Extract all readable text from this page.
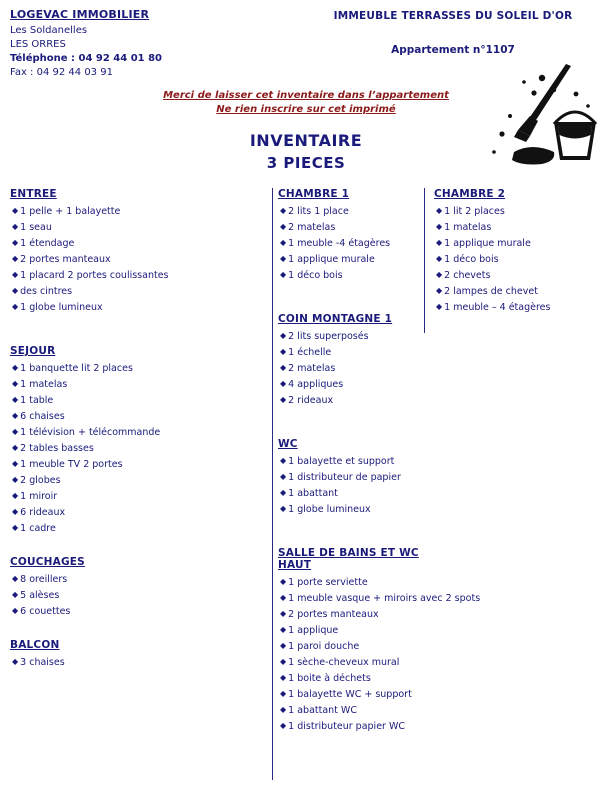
LOGEVAC IMMOBILIER
Les Soldanelles
LES ORRES
Téléphone : 04 92 44 01 80
Fax : 04 92 44 03 91
IMMEUBLE TERRASSES DU SOLEIL D'OR
Appartement n°1107
Merci de laisser cet inventaire dans l’appartement
Ne rien inscrire sur cet imprimé
INVENTAIRE
3 PIECES
ENTREE
◆ 1 pelle + 1 balayette
◆ 1 seau
◆ 1 étendage
◆ 2 portes manteaux
◆ 1 placard 2 portes coulissantes
◆ des cintres
◆ 1 globe lumineux
SEJOUR
◆ 1 banquette lit 2 places
◆ 1 matelas
◆ 1 table
◆ 6 chaises
◆ 1 télévision + télécommande
◆ 2 tables basses
◆ 1 meuble TV 2 portes
◆ 2 globes
◆ 1 miroir
◆ 6 rideaux
◆ 1 cadre
COUCHAGES
◆ 8 oreillers
◆ 5 alèses
◆ 6 couettes
BALCON
◆ 3 chaises
CHAMBRE 1
◆ 2 lits 1 place
◆ 2 matelas
◆ 1 meuble -4 étagères
◆ 1 applique murale
◆ 1 déco bois
COIN MONTAGNE 1
◆ 2 lits superposés
◆ 1 échelle
◆ 2 matelas
◆ 4 appliques
◆ 2 rideaux
WC
◆ 1 balayette et support
◆ 1 distributeur de papier
◆ 1 abattant
◆ 1 globe lumineux
SALLE DE BAINS ET WC HAUT
◆ 1 porte serviette
◆ 1 meuble vasque + miroirs avec 2 spots
◆ 2 portes manteaux
◆ 1 applique
◆ 1 paroi douche
◆ 1 sèche-cheveux mural
◆ 1 boite à déchets
◆ 1 balayette WC + support
◆ 1 abattant WC
◆ 1 distributeur papier WC
CHAMBRE 2
◆ 1 lit 2 places
◆ 1 matelas
◆ 1 applique murale
◆ 1 déco bois
◆ 2 chevets
◆ 2 lampes de chevet
◆ 1 meuble – 4 étagères
